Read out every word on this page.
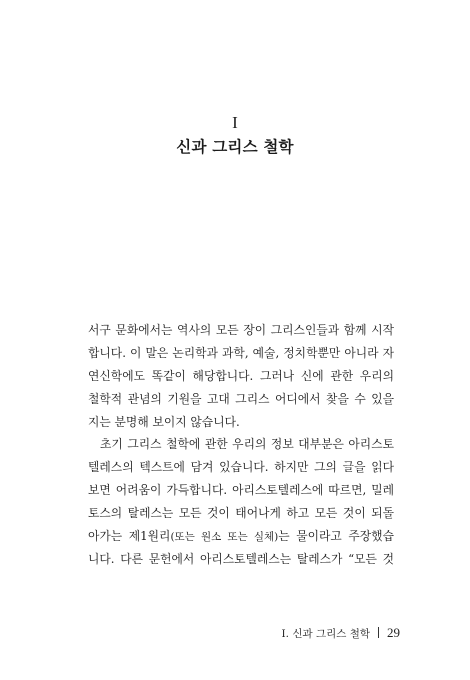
I
신과 그리스 철학
서구 문화에서는 역사의 모든 장이 그리스인들과 함께 시작
합니다. 이 말은 논리학과 과학, 예술, 정치학뿐만 아니라 자
연신학에도 똑같이 해당합니다. 그러나 신에 관한 우리의
철학적 관념의 기원을 고대 그리스 어디에서 찾을 수 있을
지는 분명해 보이지 않습니다.
초기 그리스 철학에 관한 우리의 정보 대부분은 아리스토
텔레스의 텍스트에 담겨 있습니다. 하지만 그의 글을 읽다
보면 어려움이 가득합니다. 아리스토텔레스에 따르면, 밀레
토스의 탈레스는 모든 것이 태어나게 하고 모든 것이 되돌
아가는 제1원리(또는 원소 또는 실체)는 물이라고 주장했습
니다. 다른 문헌에서 아리스토텔레스는 탈레스가 “모든 것
I. 신과 그리스 철학 29
